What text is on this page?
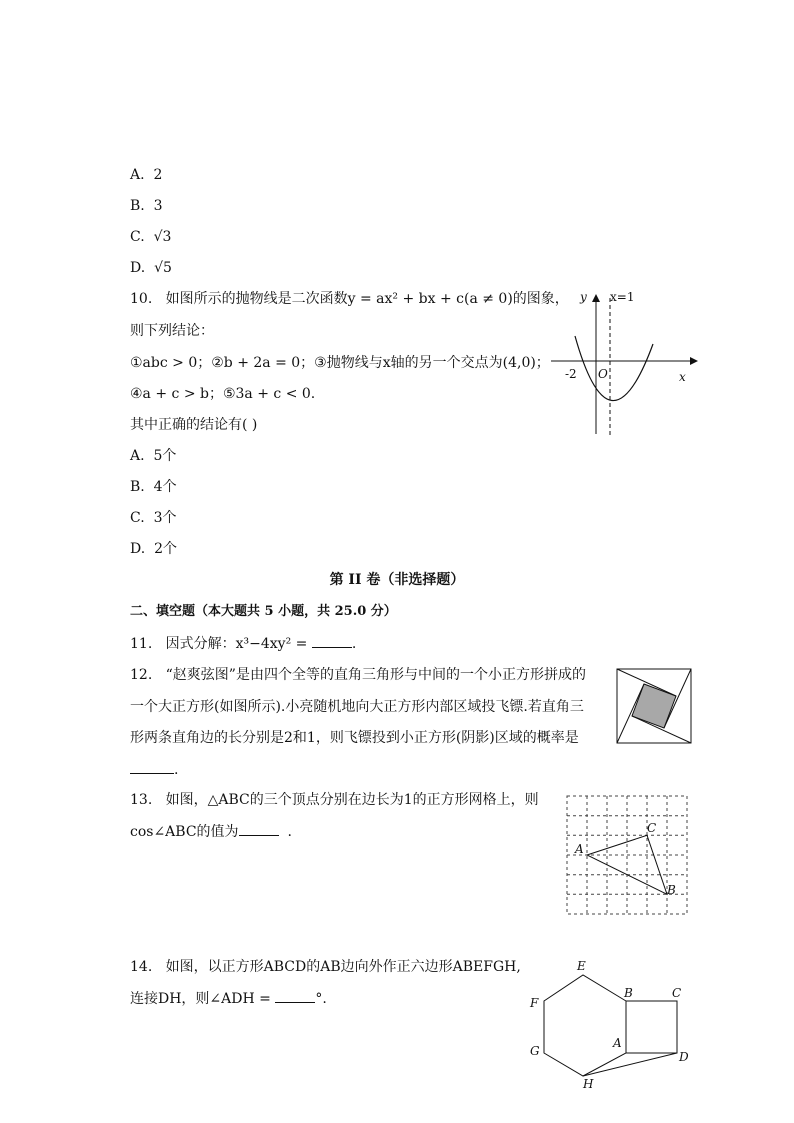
A. 2
B. 3
C. √3
D. √5
10. 如图所示的抛物线是二次函数y = ax² + bx + c(a ≠ 0)的图象，
则下列结论：
①abc > 0；②b + 2a = 0；③抛物线与x轴的另一个交点为(4,0)；
④a + c > b；⑤3a + c < 0.
其中正确的结论有( )
A. 5个
B. 4个
C. 3个
D. 2个
y x=1
-2 O	x
第 II 卷（非选择题）
二、填空题（本大题共 5 小题，共 25.0 分）
11. 因式分解：x³−4xy² =	.
12. “赵爽弦图”是由四个全等的直角三角形与中间的一个小正方形拼成的
一个大正方形(如图所示).小亮随机地向大正方形内部区域投飞镖.若直角三
形两条直角边的长分别是2和1，则飞镖投到小正方形(阴影)区域的概率是
.
13. 如图，△ABC的三个顶点分别在边长为1的正方形网格上，则
cos∠ABC的值为	.
A
C
B
14. 如图，以正方形ABCD的AB边向外作正六边形ABEFGH,
连接DH，则∠ADH =	°.
E
B	C
F
A
G	D
H
